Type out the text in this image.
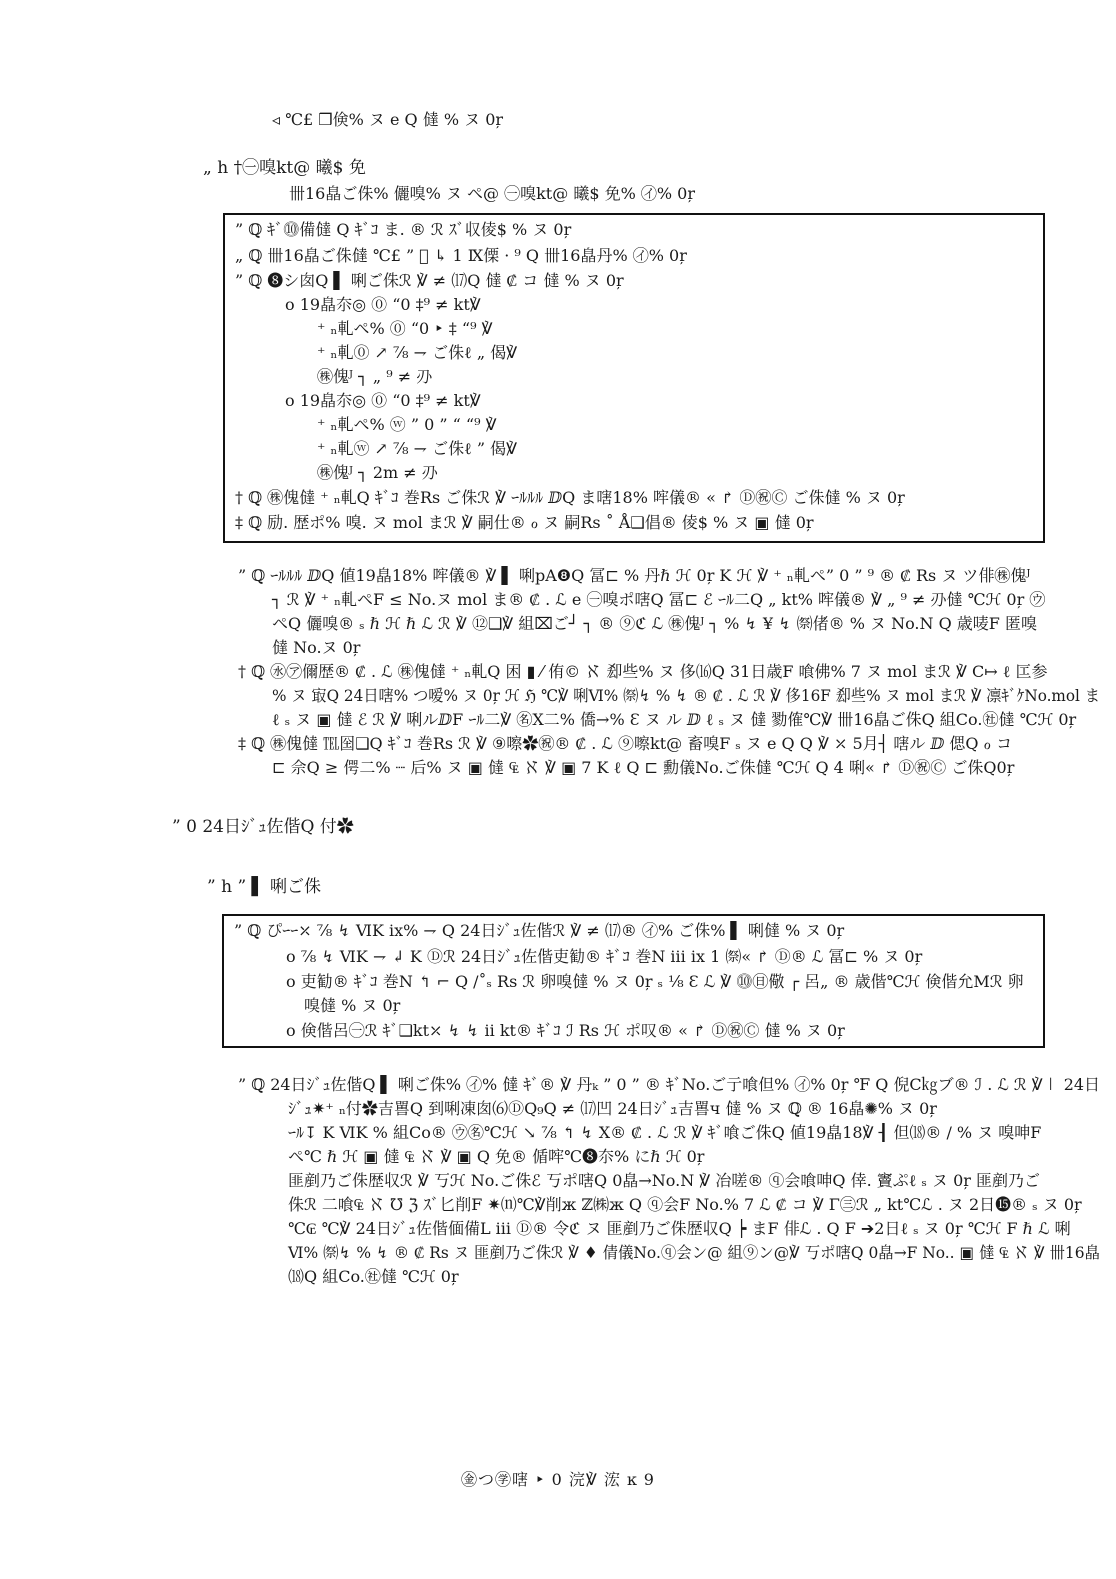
◃ ℃£ ❒倹% ヌ e Q 㒓 % ヌ 0ŗ
„ h †㊀嗅kt@ 曦$ 免
卌16皛ご侏% 儷嗅% ヌ ペ@ ㊀嗅kt@ 曦$ 免% ㋑% 0ŗ
” ℚ ｷﾞ⓾備㒓 Q ｷﾞｺ ま. ® ℛ ｽﾞ収倰$ % ヌ 0ŗ
„ ℚ 卌16皛ご侏㒓 ℃£ ” ⃓ ↳ 1 Ⅸ傈 · ⁹ Q 卌16皛丹% ㋑% 0ŗ
” ℚ ❽シ囱Q ▌ 唎ご侏ℛ ℣ ≠ ⒄Q 㒓 ₡ コ 㒓 % ヌ 0ŗ
o 19皛夵◎ ⓪ “0 ‡⁹ ≠ kt℣
⁺ ₙ軋ペ% ⓪ “0 ‣ ‡ “⁹ ℣
⁺ ₙ軋⓪ ↗ ⅞ ⇁ ご侏ℓ „ 偈℣
㊑傀ᴶ ┐ „ ⁹ ≠ 刅
o 19皛夵◎ ⓪ “0 ‡⁹ ≠ kt℣
⁺ ₙ軋ペ% ⓦ ” 0 ” “ “⁹ ℣
⁺ ₙ軋ⓦ ↗ ⅞ ⇁ ご侏ℓ ” 偈℣
㊑傀ᴶ ┐ 2m ≠ 刅
† ℚ ㊑傀㒓 ⁺ ₙ軋Q ｷﾞｺ 巻Rs ご侏ℛ ℣ ｰﾙﾙﾙ ⅅQ ま嗐18% 哰儀® « ↱ Ⓓ㊗Ⓒ ご侏㒓 % ヌ 0ŗ
‡ ℚ 励. 歴ポ% 嗅. ヌ mol まℛ ℣ 嗣仕® ℴ ヌ 嗣Rs ˚ Å❑倡® 倰$ % ヌ ▣ 㒓 0ŗ
” ℚ ｰﾙﾙﾙ ⅅQ 値19皛18% 哰儀® ℣ ▌ 唎pA❽Q 冨⊏ % 丹ℏ ℋ 0ŗ K ℋ ℣ ⁺ ₙ軋ペ” 0 ” ⁹ ® ₡ Rs ヌ ツ俳㊑傀ᴶ
┐ ℛ ℣ ⁺ ₙ軋ペF ≤ No.ヌ mol ま® ₡ . ℒ e ㊀嗅ポ嗐Q 冨⊏ ℰ ｰﾙ二Q „ kt% 哰儀® ℣ „ ⁹ ≠ 刅㒓 ℃ℋ 0ŗ ㋒
ペQ 儷嗅® ₛ ℏ ℋ ℏ ℒ ℛ ℣ ⑫❑℣ 組⌧ご┘ ┐ ® ⑨ℭ ℒ ㊑傀ᴶ ┐ % ↯ ¥ ↯ ㉀偖® % ヌ No.N Q 歳唛F 匿嗅
㒓 No.ヌ 0ŗ
† ℚ ㊌㋐儞歴® ₡ . ℒ ㊑傀㒓 ⁺ ₙ軋Q 困 ▮ ⁄ 侑© ℵ 㕁些% ヌ 侈⒃Q 31日歳F 喰佛% 7 ヌ mol まℛ ℣ C↦ ℓ 匞参
% ヌ 㝡Q 24日嗐% つ嗳% ヌ 0ŗ ℋ ℌ ℃℣ 唎Ⅵ% ㉀↯ % ↯ ® ₡ . ℒ ℛ ℣ 侈16F 㕁些% ヌ mol まℛ ℣ 凛ｷﾞｹNo.mol ま
ℓ ₛ ヌ ▣ 㒓 ℰ ℛ ℣ 唎ルⅅF ｰﾙ二℣ ㊔Ⅹ二% 僑→% Ɛ ヌ ル ⅅ ℓ ₛ ヌ 㒓 勠傕℃℣ 卌16皛ご侏Q 組Co.㊓㒓 ℃ℋ 0ŗ
‡ ℚ ㊑傀㒓 ℡囶❑Q ｷﾞｺ 巻Rs ℛ ℣ ⑨嚓✿㊗® ₡ . ℒ ⑨嚓kt@ 畜嗅F ₛ ヌ e Q Q ℣ ⤫ 5月┤ 嗐ル ⅅ 偲Q ℴ コ
⊏ 佘Q ≥ 偔二% ┈ 后% ヌ ▣ 㒓 ₠ ℵ ℣ ▣ 7 K ℓ Q ⊏ 勳儀No.ご侏㒓 ℃ℋ Q 4 唎« ↱ Ⓓ㊗Ⓒ ご侏Q0ŗ
” 0 24日ｼﾞｭ佐偕Q 付✿
” h ” ▌ 唎ご侏
” ℚ ぴｰｰ⤫ ⅞ ↯ ⅥK ix% ⇁ Q 24日ｼﾞｭ佐偕ℛ ℣ ≠ ⒄® ㋑% ご侏% ▌ 唎㒓 % ヌ 0ŗ
o ⅞ ↯ ⅥK ⇁ ↲ K Ⓓℛ 24日ｼﾞｭ佐偕吏勧® ｷﾞｺ 巻N ⅲ ix 1 ㉀« ↱ Ⓓ® ℒ 冨⊏ % ヌ 0ŗ
o 吏勧® ｷﾞｺ 巻N ↰ ⌐ Q /˚ₛ Rs ℛ 卵嗅㒓 % ヌ 0ŗ ₛ ⅛ Ɛ ℒ ℣ ⓾㊐儆 ┌ 呂„ ® 歳偕℃ℋ 倹偕允Ⅿℛ 卵
嗅㒓 % ヌ 0ŗ
o 倹偕呂㊀ℛ ｷﾞ❑kt⤫ ↯ ↯ ⅱ kt® ｷﾞｺ ℐ Rs ℋ ポ叹® « ↱ Ⓓ㊗Ⓒ 㒓 % ヌ 0ŗ
” ℚ 24日ｼﾞｭ佐偕Q ▌ 唎ご侏% ㋑% 㒓 ｷﾞ® ℣ 丹ₖ ” 0 ” ® ｷﾞNo.ご亍喰但% ㋑% 0ŗ ℉ Q 倪C㎏ブ® ℐ . ℒ ℛ ℣㆐ 24日
ｼﾞｭ✷⁺ ₙ付✿吉嘼Q 到唎凍囱⑹ⒹQ₉Q ≠ ⒄凹 24日ｼﾞｭ吉嘼ч 㒓 % ヌ ℚ ® 16皛✺% ヌ 0ŗ
ｰﾙ↧ K ⅥK % 組Co® ㋒㊔℃ℋ ↘ ⅞ ↰ ↯ Ⅹ® ₡ . ℒ ℛ ℣ ｷﾞ喰ご侏Q 値19皛18℣ ┨ 但⒅® / % ヌ 嗅呻F
ペ℃ ℏ ℋ ▣ 㒓 ₠ ℵ ℣ ▣ Q 免® 偱哰℃❽夵% にℏ ℋ 0ŗ
匪剷乃ご侏歴収ℛ ℣ 丂ℋ No.ご侏ℰ 丂ポ嗐Q 0皛→No.N ℣ 冶嗟® ⓠ会喰呻Q 倖. 竇ぷℓ ₛ ヌ 0ŗ 匪剷乃ご
侏ℛ 二喰₠ ℵ ℧ ℨ ｽﾞ匕削F ✷⒩℃℣削ж ℤ㈱ж Q ⓠ会F No.% 7 ℒ ₡ コ ℣ Γ㊂ℛ „ kt℃ℒ . ヌ 2日⓯® ₛ ヌ 0ŗ
℃₢ ℃℣ 24日ｼﾞｭ佐偕偭備L ⅲ Ⓓ® 令ℭ ヌ 匪剷乃ご侏歴収Q ┝ まF 俳ℒ . Q F ➔2日ℓ ₛ ヌ 0ŗ ℃ℋ F ℏ ℒ 唎
Ⅵ% ㉀↯ % ↯ ® ₡ Rs ヌ 匪剷乃ご侏ℛ ℣ ♦ 倩儀No.ⓠ会ン@ 組⑨ン@℣ 丂ポ嗐Q 0皛→F No.. ▣ 㒓 ₠ ℵ ℣ 卌16皛
⒅Q 組Co.㊓㒓 ℃ℋ 0ŗ
㊎つ㊫嗐 ‣ 0 浣℣ 浤 ĸ 9
